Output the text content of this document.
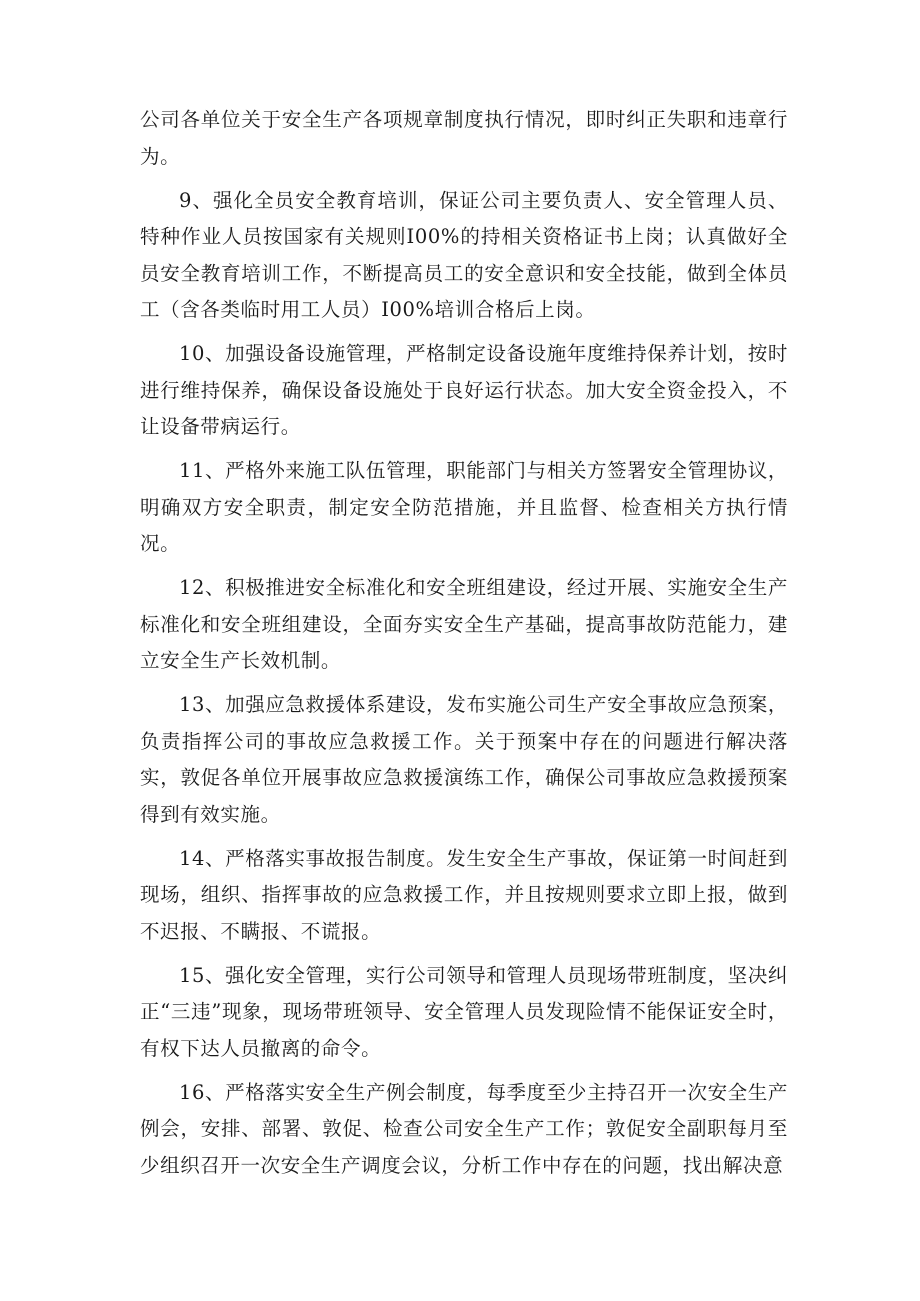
公司各单位关于安全生产各项规章制度执行情况，即时纠正失职和违章行为。

9、强化全员安全教育培训，保证公司主要负责人、安全管理人员、特种作业人员按国家有关规则I00%的持相关资格证书上岗；认真做好全员安全教育培训工作，不断提高员工的安全意识和安全技能，做到全体员工（含各类临时用工人员）I00%培训合格后上岗。

10、加强设备设施管理，严格制定设备设施年度维持保养计划，按时进行维持保养，确保设备设施处于良好运行状态。加大安全资金投入，不让设备带病运行。

11、严格外来施工队伍管理，职能部门与相关方签署安全管理协议，明确双方安全职责，制定安全防范措施，并且监督、检查相关方执行情况。

12、积极推进安全标准化和安全班组建设，经过开展、实施安全生产标准化和安全班组建设，全面夯实安全生产基础，提高事故防范能力，建立安全生产长效机制。

13、加强应急救援体系建设，发布实施公司生产安全事故应急预案，负责指挥公司的事故应急救援工作。关于预案中存在的问题进行解决落实，敦促各单位开展事故应急救援演练工作，确保公司事故应急救援预案得到有效实施。

14、严格落实事故报告制度。发生安全生产事故，保证第一时间赶到现场，组织、指挥事故的应急救援工作，并且按规则要求立即上报，做到不迟报、不瞒报、不谎报。

15、强化安全管理，实行公司领导和管理人员现场带班制度，坚决纠正“三违”现象，现场带班领导、安全管理人员发现险情不能保证安全时，有权下达人员撤离的命令。

16、严格落实安全生产例会制度，每季度至少主持召开一次安全生产例会，安排、部署、敦促、检查公司安全生产工作；敦促安全副职每月至少组织召开一次安全生产调度会议，分析工作中存在的问题，找出解决意
